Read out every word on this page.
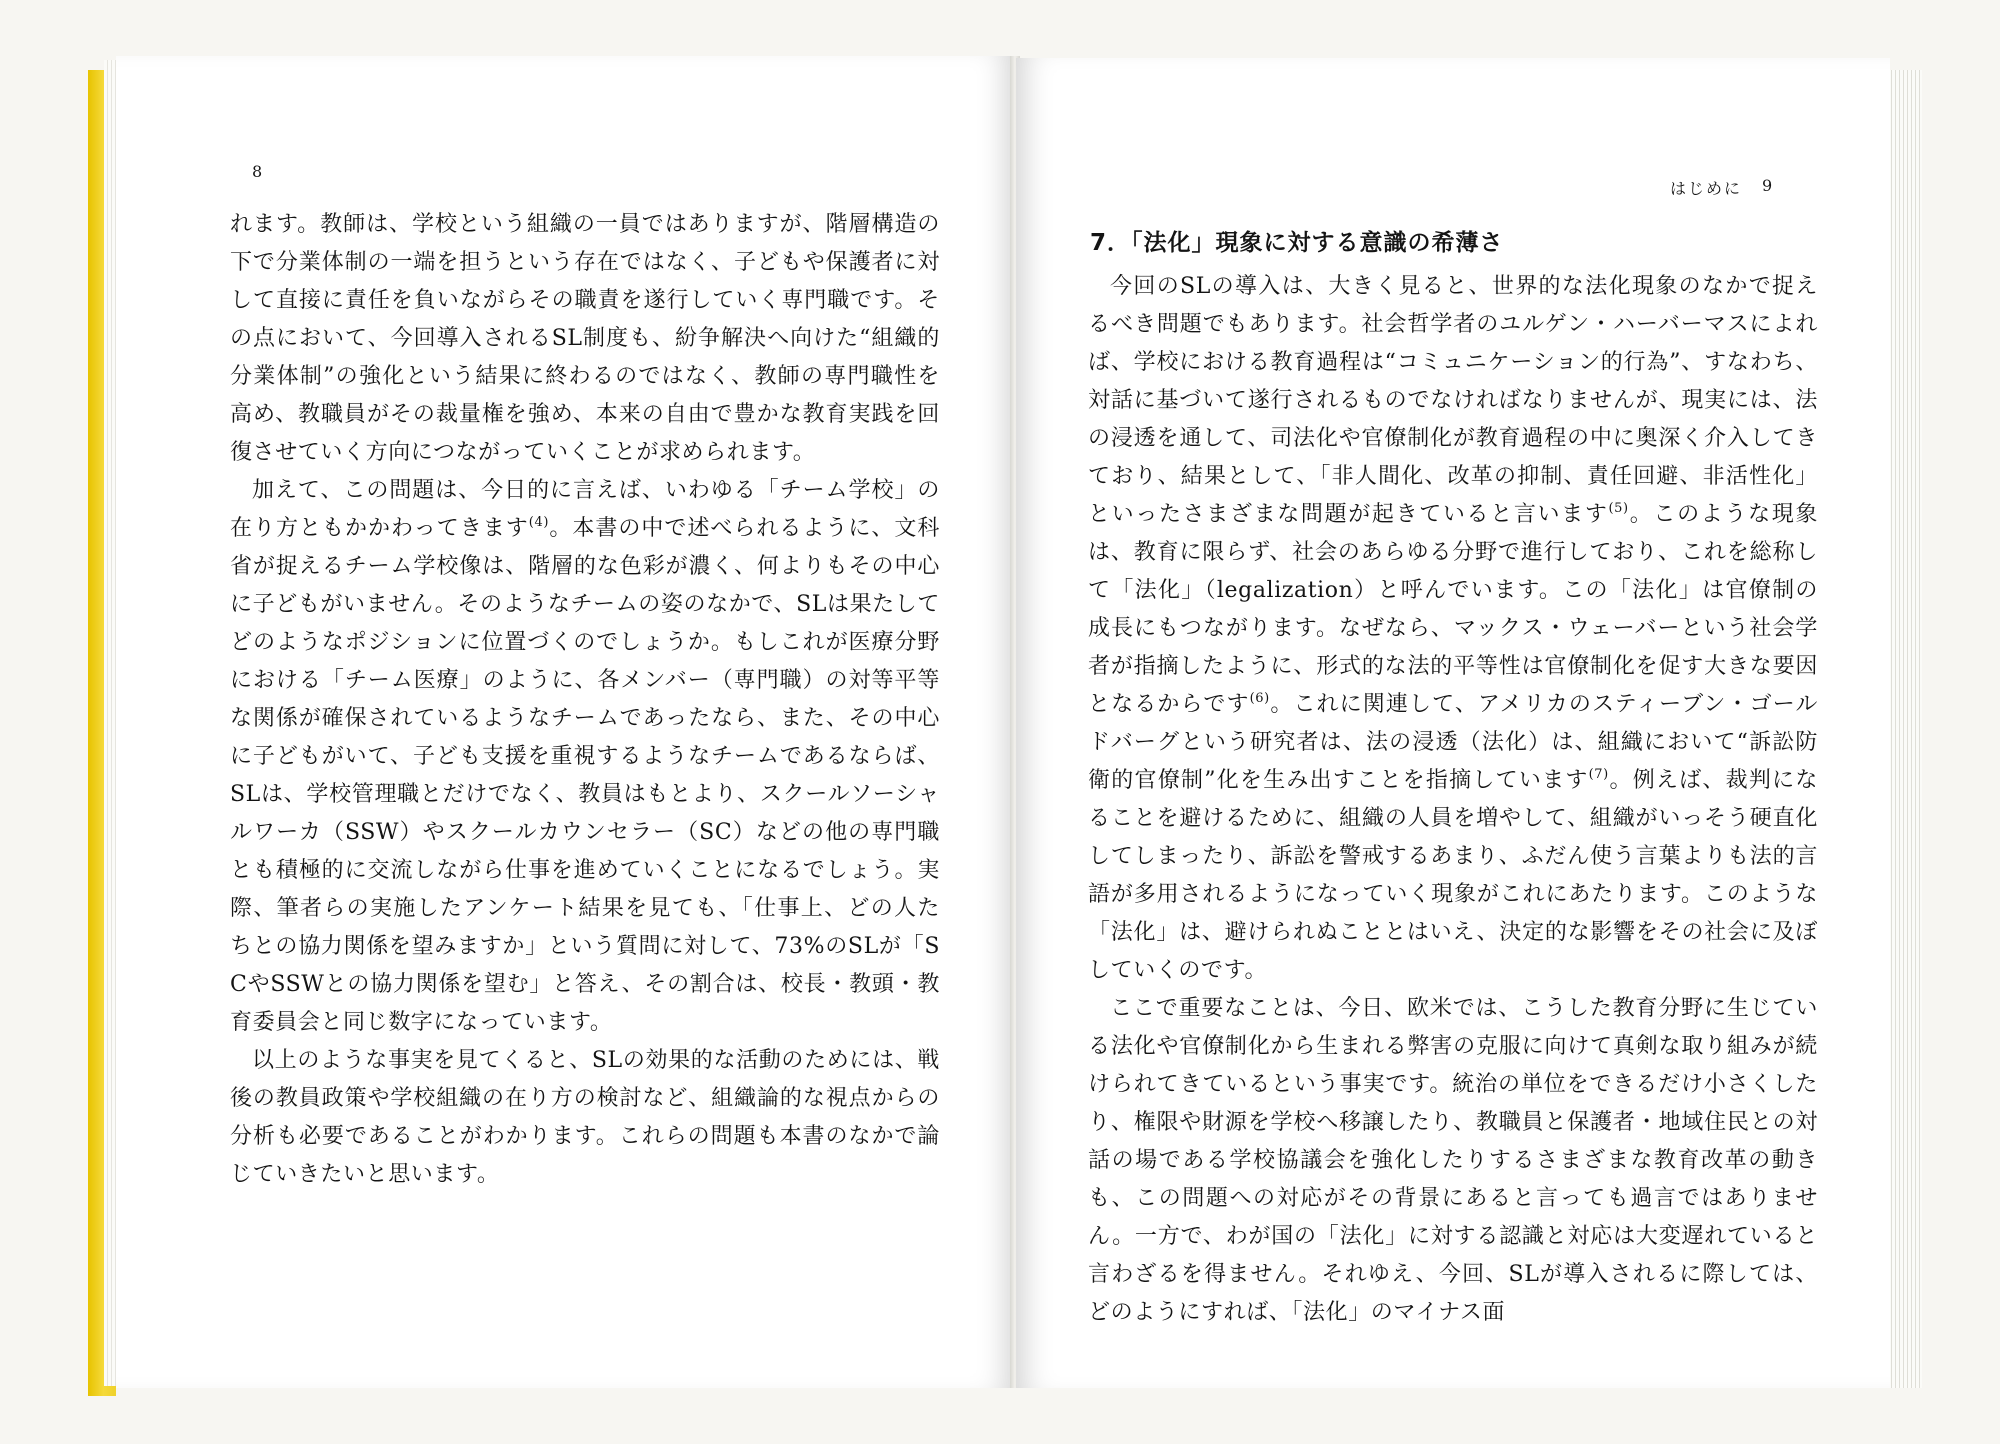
8

れます。教師は、学校という組織の一員ではありますが、階層構造の下で分業体制の一端を担うという存在ではなく、子どもや保護者に対して直接に責任を負いながらその職責を遂行していく専門職です。その点において、今回導入されるSL制度も、紛争解決へ向けた“組織的分業体制”の強化という結果に終わるのではなく、教師の専門職性を高め、教職員がその裁量権を強め、本来の自由で豊かな教育実践を回復させていく方向につながっていくことが求められます。

加えて、この問題は、今日的に言えば、いわゆる「チーム学校」の在り方ともかかわってきます$^{(4)}$。本書の中で述べられるように、文科省が捉えるチーム学校像は、階層的な色彩が濃く、何よりもその中心に子どもがいません。そのようなチームの姿のなかで、SLは果たしてどのようなポジションに位置づくのでしょうか。もしこれが医療分野における「チーム医療」のように、各メンバー（専門職）の対等平等な関係が確保されているようなチームであったなら、また、その中心に子どもがいて、子ども支援を重視するようなチームであるならば、SLは、学校管理職とだけでなく、教員はもとより、スクールソーシャルワーカ（SSW）やスクールカウンセラー（SC）などの他の専門職とも積極的に交流しながら仕事を進めていくことになるでしょう。実際、筆者らの実施したアンケート結果を見ても、「仕事上、どの人たちとの協力関係を望みますか」という質問に対して、73%のSLが「SCやSSWとの協力関係を望む」と答え、その割合は、校長・教頭・教育委員会と同じ数字になっています。

以上のような事実を見てくると、SLの効果的な活動のためには、戦後の教員政策や学校組織の在り方の検討など、組織論的な視点からの分析も必要であることがわかります。これらの問題も本書のなかで論じていきたいと思います。

はじめに 9
7．「法化」現象に対する意識の希薄さ

今回のSLの導入は、大きく見ると、世界的な法化現象のなかで捉えるべき問題でもあります。社会哲学者のユルゲン・ハーバーマスによれば、学校における教育過程は“コミュニケーション的行為”、すなわち、対話に基づいて遂行されるものでなければなりませんが、現実には、法の浸透を通して、司法化や官僚制化が教育過程の中に奥深く介入してきており、結果として、「非人間化、改革の抑制、責任回避、非活性化」といったさまざまな問題が起きていると言います$^{(5)}$。このような現象は、教育に限らず、社会のあらゆる分野で進行しており、これを総称して「法化」（legalization）と呼んでいます。この「法化」は官僚制の成長にもつながります。なぜなら、マックス・ウェーバーという社会学者が指摘したように、形式的な法的平等性は官僚制化を促す大きな要因となるからです$^{(6)}$。これに関連して、アメリカのスティーブン・ゴールドバーグという研究者は、法の浸透（法化）は、組織において“訴訟防衛的官僚制”化を生み出すことを指摘しています$^{(7)}$。例えば、裁判になることを避けるために、組織の人員を増やして、組織がいっそう硬直化してしまったり、訴訟を警戒するあまり、ふだん使う言葉よりも法的言語が多用されるようになっていく現象がこれにあたります。このような「法化」は、避けられぬこととはいえ、決定的な影響をその社会に及ぼしていくのです。

ここで重要なことは、今日、欧米では、こうした教育分野に生じている法化や官僚制化から生まれる弊害の克服に向けて真剣な取り組みが続けられてきているという事実です。統治の単位をできるだけ小さくしたり、権限や財源を学校へ移譲したり、教職員と保護者・地域住民との対話の場である学校協議会を強化したりするさまざまな教育改革の動きも、この問題への対応がその背景にあると言っても過言ではありません。一方で、わが国の「法化」に対する認識と対応は大変遅れていると言わざるを得ません。それゆえ、今回、SLが導入されるに際しては、どのようにすれば、「法化」のマイナス面
